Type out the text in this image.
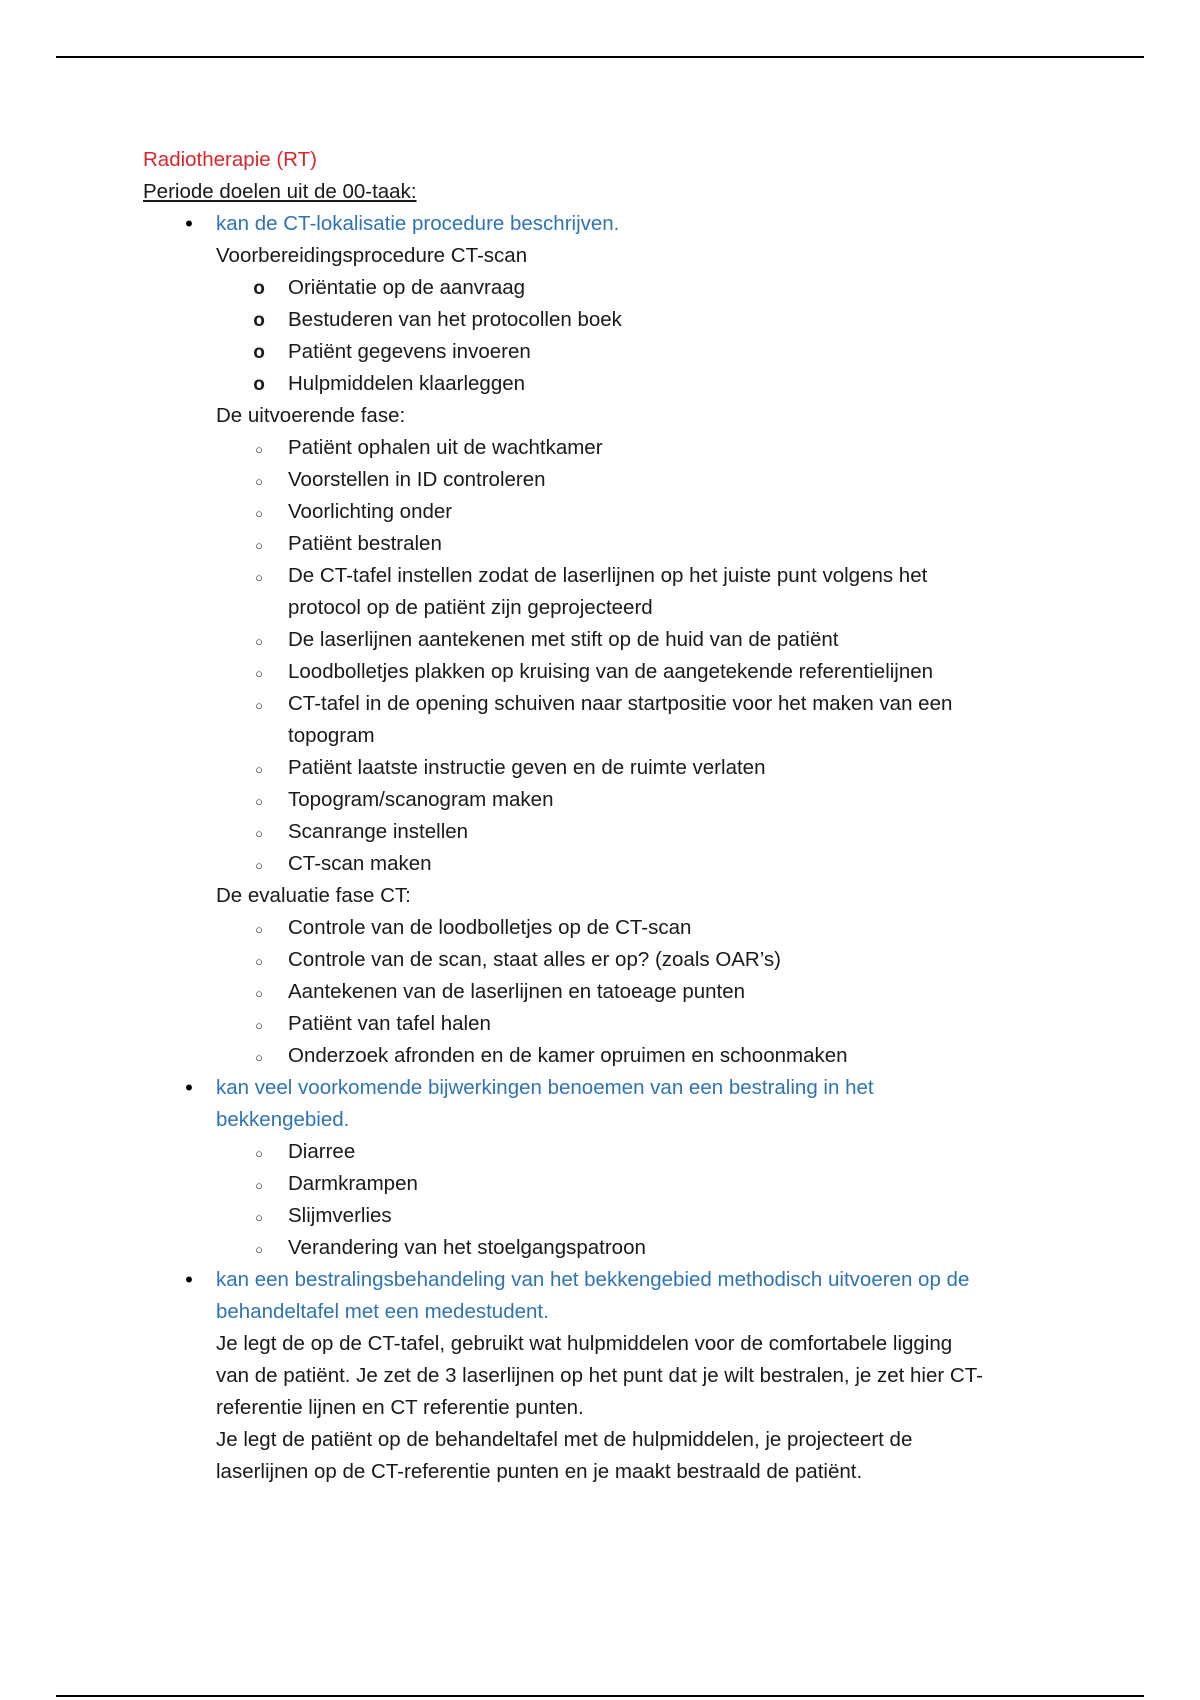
Radiotherapie (RT)
Periode doelen uit de 00-taak:
•
kan de CT-lokalisatie procedure beschrijven.
Voorbereidingsprocedure CT-scan
o
Oriëntatie op de aanvraag
o
Bestuderen van het protocollen boek
o
Patiënt gegevens invoeren
o
Hulpmiddelen klaarleggen
De uitvoerende fase:
○
Patiënt ophalen uit de wachtkamer
○
Voorstellen in ID controleren
○
Voorlichting onder
○
Patiënt bestralen
○
De CT-tafel instellen zodat de laserlijnen op het juiste punt volgens het
protocol op de patiënt zijn geprojecteerd
○
De laserlijnen aantekenen met stift op de huid van de patiënt
○
Loodbolletjes plakken op kruising van de aangetekende referentielijnen
○
CT-tafel in de opening schuiven naar startpositie voor het maken van een
topogram
○
Patiënt laatste instructie geven en de ruimte verlaten
○
Topogram/scanogram maken
○
Scanrange instellen
○
CT-scan maken
De evaluatie fase CT:
○
Controle van de loodbolletjes op de CT-scan
○
Controle van de scan, staat alles er op? (zoals OAR’s)
○
Aantekenen van de laserlijnen en tatoeage punten
○
Patiënt van tafel halen
○
Onderzoek afronden en de kamer opruimen en schoonmaken
•
kan veel voorkomende bijwerkingen benoemen van een bestraling in het
bekkengebied.
○
Diarree
○
Darmkrampen
○
Slijmverlies
○
Verandering van het stoelgangspatroon
•
kan een bestralingsbehandeling van het bekkengebied methodisch uitvoeren op de
behandeltafel met een medestudent.
Je legt de op de CT-tafel, gebruikt wat hulpmiddelen voor de comfortabele ligging
van de patiënt. Je zet de 3 laserlijnen op het punt dat je wilt bestralen, je zet hier CT-
referentie lijnen en CT referentie punten.
Je legt de patiënt op de behandeltafel met de hulpmiddelen, je projecteert de
laserlijnen op de CT-referentie punten en je maakt bestraald de patiënt.
